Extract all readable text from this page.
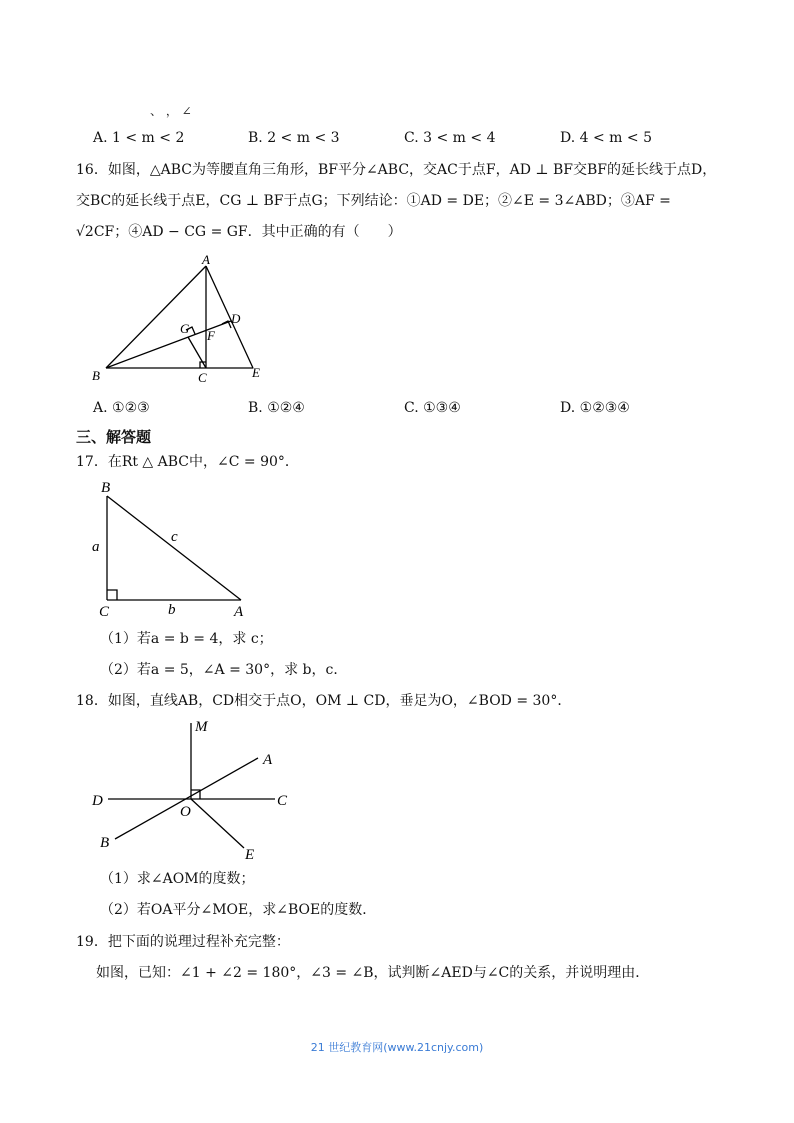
、 ， ∠
A. 1 < m < 2	B. 2 < m < 3	C. 3 < m < 4	D. 4 < m < 5
16．如图，△ABC为等腰直角三角形，BF平分∠ABC，交AC于点F，AD ⊥ BF交BF的延长线于点D，
交BC的延长线于点E，CG ⊥ BF于点G；下列结论：①AD = DE；②∠E = 3∠ABD；③AF =
√2CF；④AD − CG = GF．其中正确的有（　　）
A
B	C
D
E
F
G
A. ①②③	B. ①②④	C. ①③④	D. ①②③④
三、解答题
17．在Rt △ ABC中，∠C = 90°．
B
C	A
a
b
c
（1）若a = b = 4，求 c；
（2）若a = 5，∠A = 30°，求 b，c．
18．如图，直线AB，CD相交于点O，OM ⊥ CD，垂足为O，∠BOD = 30°．
M
A
D	C
O
B
E
（1）求∠AOM的度数；
（2）若OA平分∠MOE，求∠BOE的度数．
19．把下面的说理过程补充完整：
如图，已知：∠1 + ∠2 = 180°，∠3 = ∠B，试判断∠AED与∠C的关系，并说明理由．
21 世纪教育网(www.21cnjy.com)
